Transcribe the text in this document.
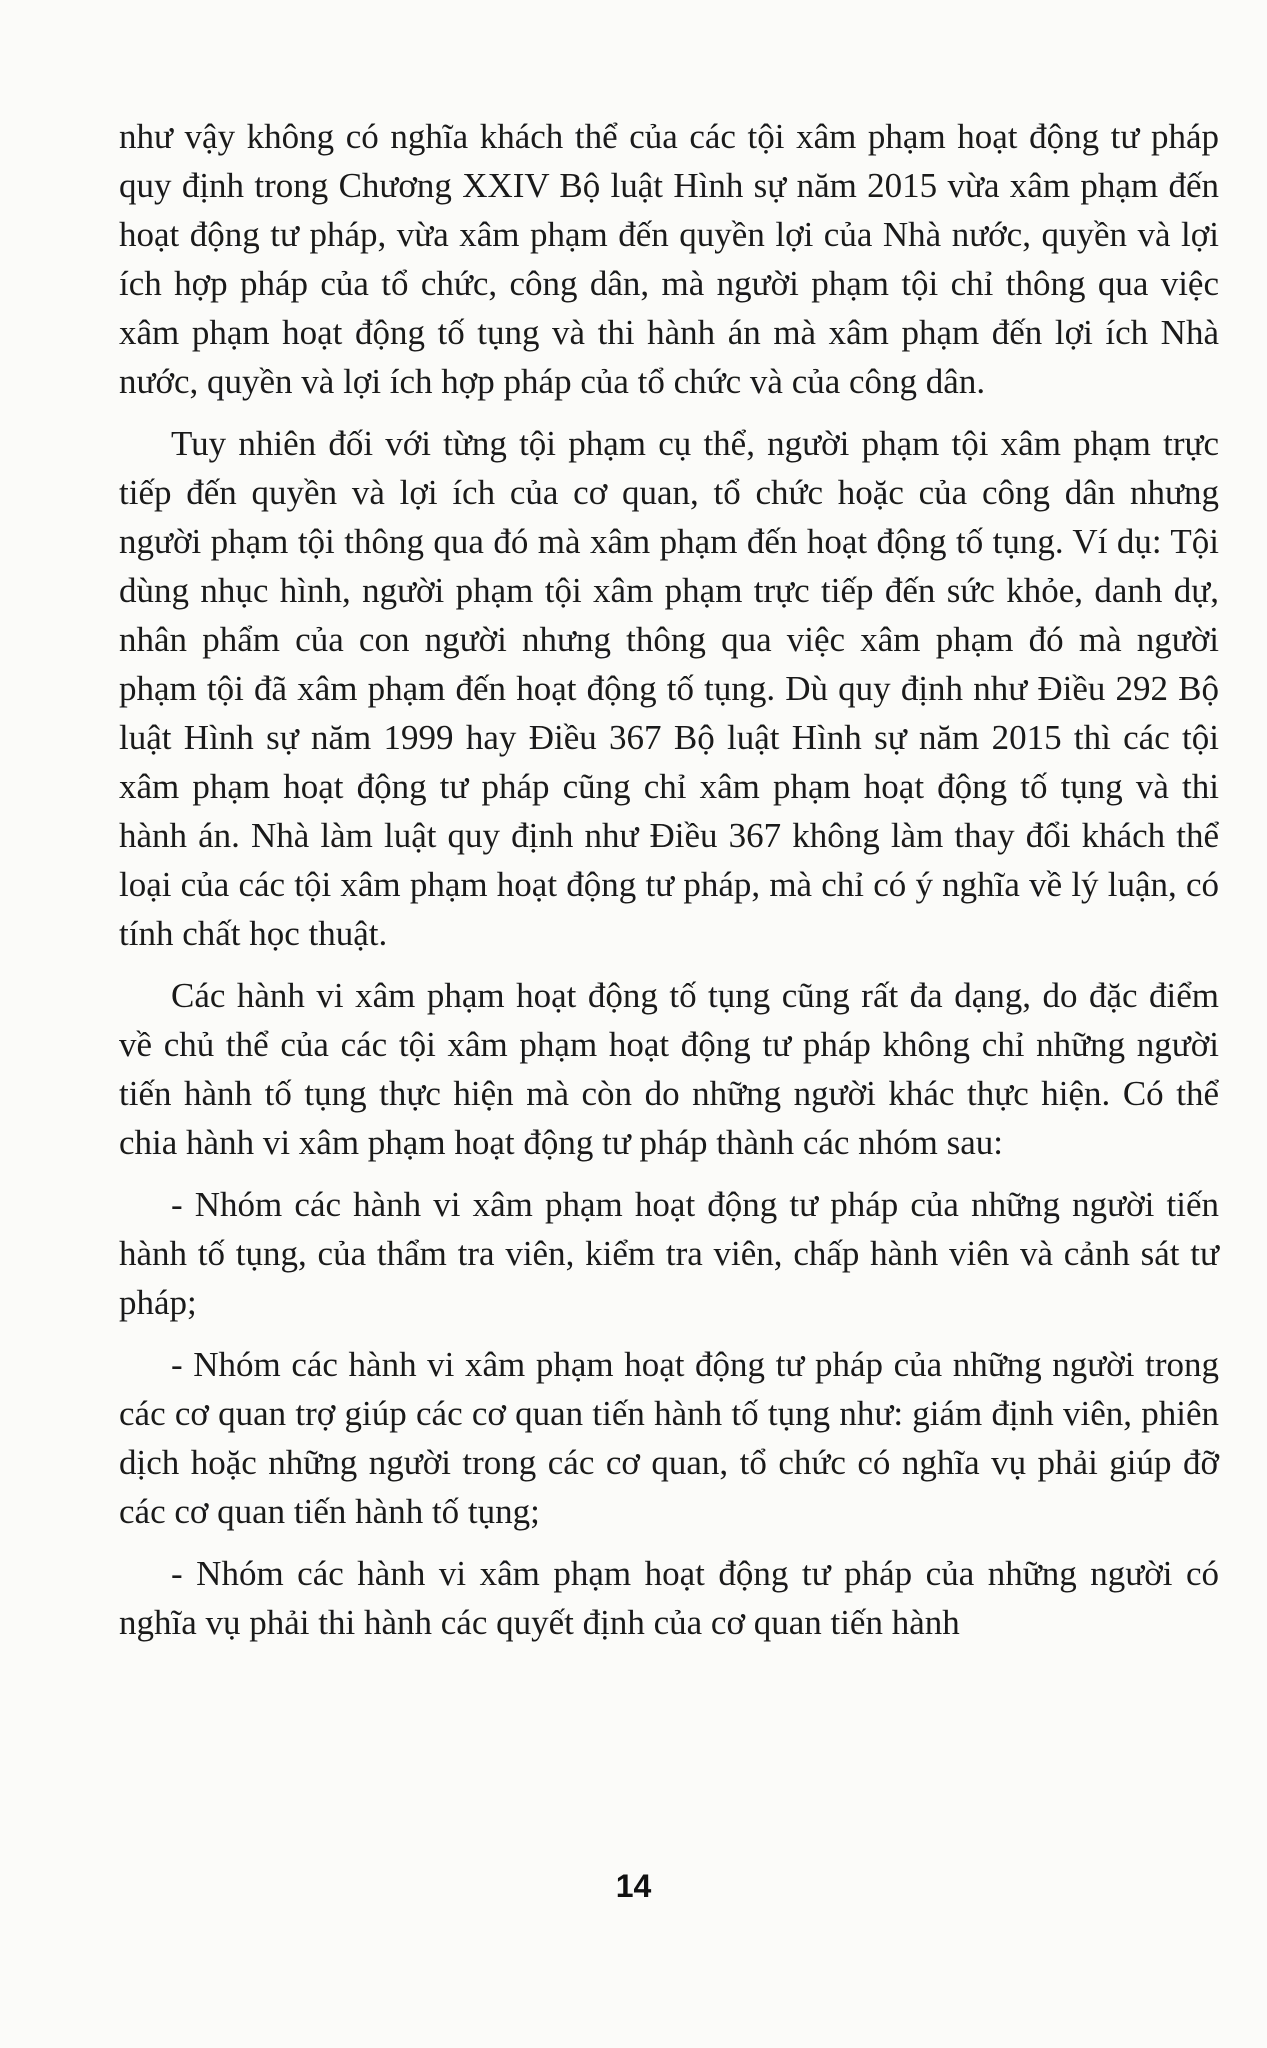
như vậy không có nghĩa khách thể của các tội xâm phạm hoạt động tư pháp quy định trong Chương XXIV Bộ luật Hình sự năm 2015 vừa xâm phạm đến hoạt động tư pháp, vừa xâm phạm đến quyền lợi của Nhà nước, quyền và lợi ích hợp pháp của tổ chức, công dân, mà người phạm tội chỉ thông qua việc xâm phạm hoạt động tố tụng và thi hành án mà xâm phạm đến lợi ích Nhà nước, quyền và lợi ích hợp pháp của tổ chức và của công dân.

Tuy nhiên đối với từng tội phạm cụ thể, người phạm tội xâm phạm trực tiếp đến quyền và lợi ích của cơ quan, tổ chức hoặc của công dân nhưng người phạm tội thông qua đó mà xâm phạm đến hoạt động tố tụng. Ví dụ: Tội dùng nhục hình, người phạm tội xâm phạm trực tiếp đến sức khỏe, danh dự, nhân phẩm của con người nhưng thông qua việc xâm phạm đó mà người phạm tội đã xâm phạm đến hoạt động tố tụng. Dù quy định như Điều 292 Bộ luật Hình sự năm 1999 hay Điều 367 Bộ luật Hình sự năm 2015 thì các tội xâm phạm hoạt động tư pháp cũng chỉ xâm phạm hoạt động tố tụng và thi hành án. Nhà làm luật quy định như Điều 367 không làm thay đổi khách thể loại của các tội xâm phạm hoạt động tư pháp, mà chỉ có ý nghĩa về lý luận, có tính chất học thuật.

Các hành vi xâm phạm hoạt động tố tụng cũng rất đa dạng, do đặc điểm về chủ thể của các tội xâm phạm hoạt động tư pháp không chỉ những người tiến hành tố tụng thực hiện mà còn do những người khác thực hiện. Có thể chia hành vi xâm phạm hoạt động tư pháp thành các nhóm sau:

- Nhóm các hành vi xâm phạm hoạt động tư pháp của những người tiến hành tố tụng, của thẩm tra viên, kiểm tra viên, chấp hành viên và cảnh sát tư pháp;

- Nhóm các hành vi xâm phạm hoạt động tư pháp của những người trong các cơ quan trợ giúp các cơ quan tiến hành tố tụng như: giám định viên, phiên dịch hoặc những người trong các cơ quan, tổ chức có nghĩa vụ phải giúp đỡ các cơ quan tiến hành tố tụng;

- Nhóm các hành vi xâm phạm hoạt động tư pháp của những người có nghĩa vụ phải thi hành các quyết định của cơ quan tiến hành

14
